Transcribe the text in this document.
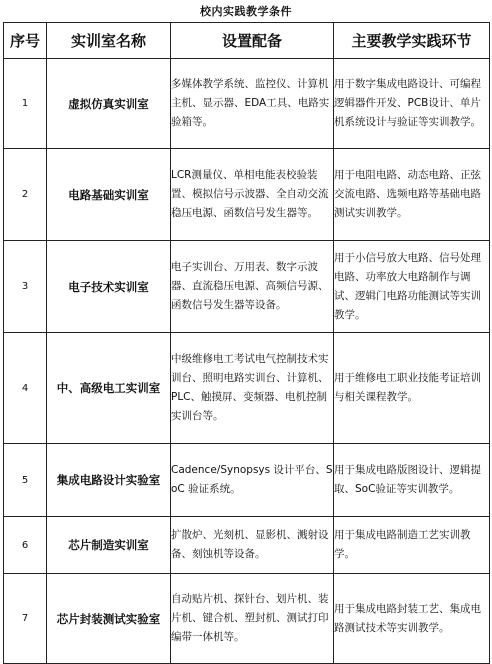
校内实践教学条件
序号	实训室名称	设置配备	主要教学实践环节
1	虚拟仿真实训室	多媒体教学系统、监控仪、计算机主机、显示器、EDA工具、电路实验箱等。	用于数字集成电路设计、可编程逻辑器件开发、PCB设计、单片机系统设计与验证等实训教学。
2	电路基础实训室	LCR测量仪、单相电能表校验装置、模拟信号示波器、全自动交流稳压电源、函数信号发生器等。	用于电阻电路、动态电路、正弦交流电路、选频电路等基础电路测试实训教学。
3	电子技术实训室	电子实训台、万用表、数字示波器、直流稳压电源、高频信号源、函数信号发生器等设备。	用于小信号放大电路、信号处理电路、功率放大电路制作与调试、逻辑门电路功能测试等实训教学。
4	中、高级电工实训室	中级维修电工考试电气控制技术实训台、照明电路实训台、计算机、PLC、触摸屏、变频器、电机控制实训台等。	用于维修电工职业技能考证培训与相关课程教学。
5	集成电路设计实验室	Cadence/Synopsys 设计平台、SoC 验证系统。	用于集成电路版图设计、逻辑提取、SoC验证等实训教学。
6	芯片制造实训室	扩散炉、光刻机、显影机、溅射设备、刻蚀机等设备。	用于集成电路制造工艺实训教学。
7	芯片封装测试实验室	自动贴片机、探针台、划片机、装片机、键合机、塑封机、测试打印编带一体机等。	用于集成电路封装工艺、集成电路测试技术等实训教学。
